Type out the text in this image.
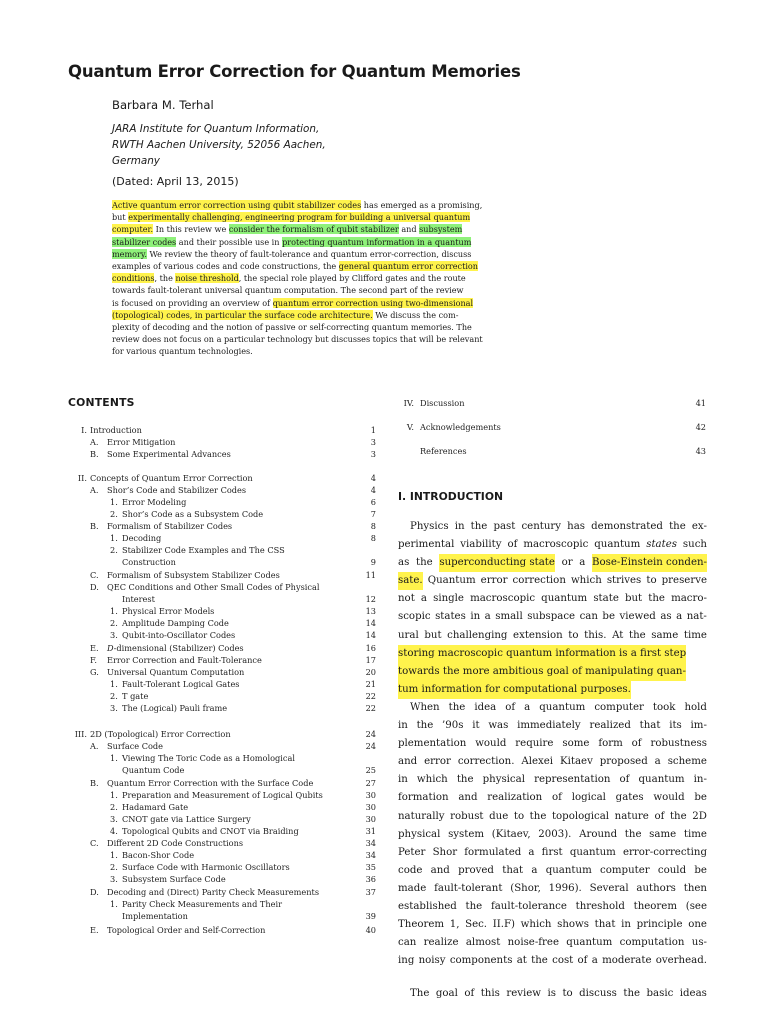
Quantum Error Correction for Quantum Memories
Barbara M. Terhal
JARA Institute for Quantum Information,
RWTH Aachen University, 52056 Aachen,
Germany
(Dated: April 13, 2015)
Active quantum error correction using qubit stabilizer codes has emerged as a promising,
but experimentally challenging, engineering program for building a universal quantum
computer. In this review we consider the formalism of qubit stabilizer and subsystem
stabilizer codes and their possible use in protecting quantum information in a quantum
memory. We review the theory of fault-tolerance and quantum error-correction, discuss
examples of various codes and code constructions, the general quantum error correction
conditions, the noise threshold, the special role played by Clifford gates and the route
towards fault-tolerant universal quantum computation. The second part of the review
is focused on providing an overview of quantum error correction using two-dimensional
(topological) codes, in particular the surface code architecture. We discuss the com-
plexity of decoding and the notion of passive or self-correcting quantum memories. The
review does not focus on a particular technology but discusses topics that will be relevant
for various quantum technologies.
CONTENTS
I. Introduction	1
A. Error Mitigation	3
B. Some Experimental Advances	3
II. Concepts of Quantum Error Correction	4
A. Shor’s Code and Stabilizer Codes	4
1. Error Modeling	6
2. Shor’s Code as a Subsystem Code	7
B. Formalism of Stabilizer Codes	8
1. Decoding	8
2. Stabilizer Code Examples and The CSS
Construction	9
C. Formalism of Subsystem Stabilizer Codes	11
D. QEC Conditions and Other Small Codes of Physical
Interest	12
1. Physical Error Models	13
2. Amplitude Damping Code	14
3. Qubit-into-Oscillator Codes	14
E. D-dimensional (Stabilizer) Codes	16
F. Error Correction and Fault-Tolerance	17
G. Universal Quantum Computation	20
1. Fault-Tolerant Logical Gates	21
2. T gate	22
3. The (Logical) Pauli frame	22
III. 2D (Topological) Error Correction	24
A. Surface Code	24
1. Viewing The Toric Code as a Homological
Quantum Code	25
B. Quantum Error Correction with the Surface Code	27
1. Preparation and Measurement of Logical Qubits	30
2. Hadamard Gate	30
3. CNOT gate via Lattice Surgery	30
4. Topological Qubits and CNOT via Braiding	31
C. Different 2D Code Constructions	34
1. Bacon-Shor Code	34
2. Surface Code with Harmonic Oscillators	35
3. Subsystem Surface Code	36
D. Decoding and (Direct) Parity Check Measurements	37
1. Parity Check Measurements and Their
Implementation	39
E. Topological Order and Self-Correction	40
IV. Discussion	41
V. Acknowledgements	42
References	43
I. INTRODUCTION
Physics in the past century has demonstrated the ex-
perimental viability of macroscopic quantum states such
as the superconducting state or a Bose-Einstein conden-
sate. Quantum error correction which strives to preserve
not a single macroscopic quantum state but the macro-
scopic states in a small subspace can be viewed as a nat-
ural but challenging extension to this. At the same time
storing macroscopic quantum information is a first step
towards the more ambitious goal of manipulating quan-
tum information for computational purposes.
When the idea of a quantum computer took hold
in the ’90s it was immediately realized that its im-
plementation would require some form of robustness
and error correction. Alexei Kitaev proposed a scheme
in which the physical representation of quantum in-
formation and realization of logical gates would be
naturally robust due to the topological nature of the 2D
physical system (Kitaev, 2003). Around the same time
Peter Shor formulated a first quantum error-correcting
code and proved that a quantum computer could be
made fault-tolerant (Shor, 1996). Several authors then
established the fault-tolerance threshold theorem (see
Theorem 1, Sec. II.F) which shows that in principle one
can realize almost noise-free quantum computation us-
ing noisy components at the cost of a moderate overhead.
The goal of this review is to discuss the basic ideas
